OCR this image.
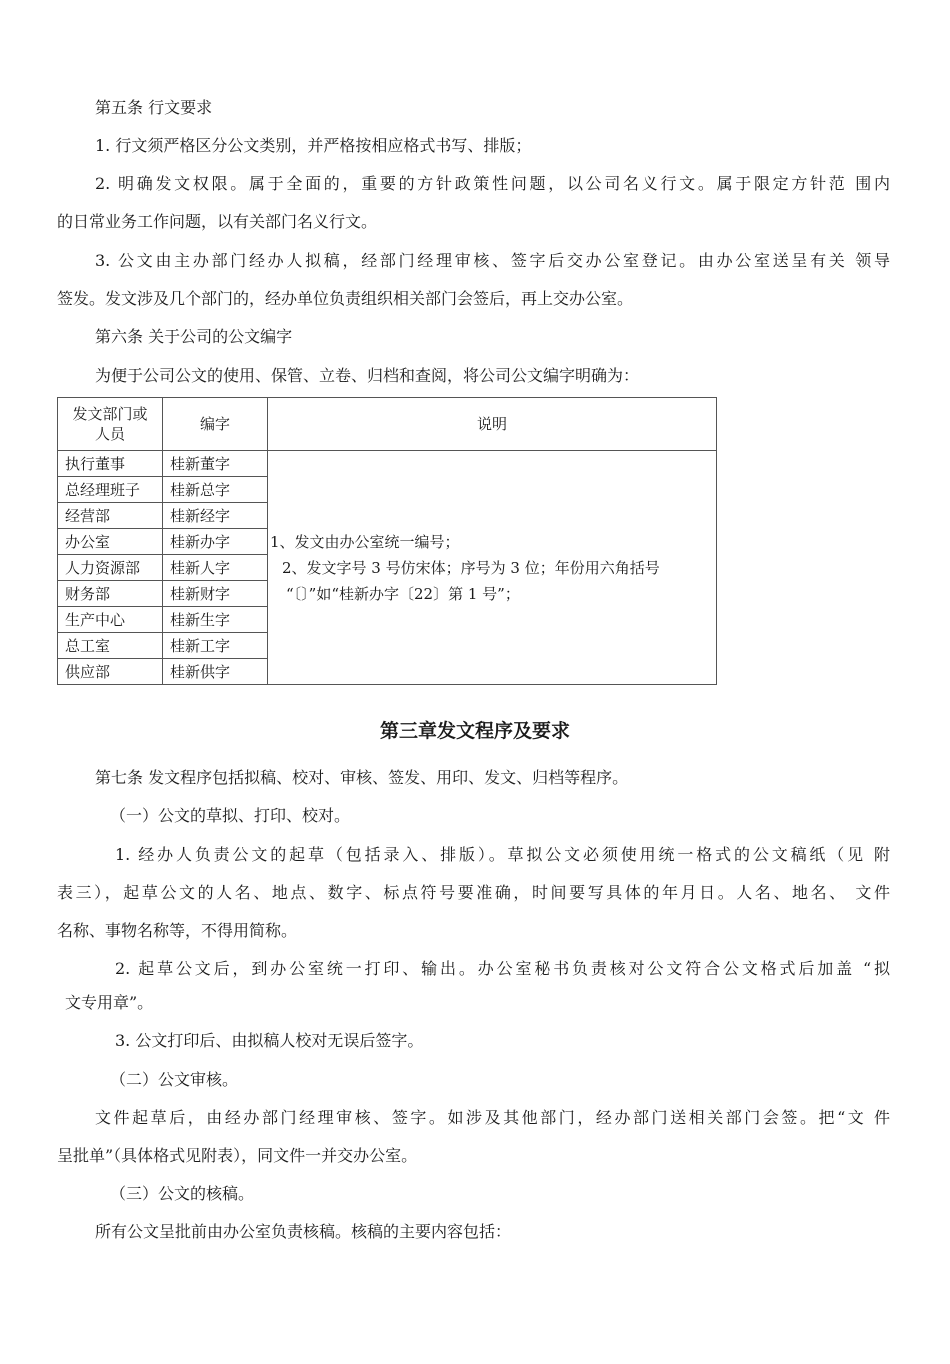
第五条 行文要求
1. 行文须严格区分公文类别，并严格按相应格式书写、排版；
2. 明确发文权限。属于全面的，重要的方针政策性问题，以公司名义行文。属于限定方针范 围内
的日常业务工作问题，以有关部门名义行文。
3. 公文由主办部门经办人拟稿，经部门经理审核、签字后交办公室登记。由办公室送呈有关 领导
签发。发文涉及几个部门的，经办单位负责组织相关部门会签后，再上交办公室。
第六条 关于公司的公文编字
为便于公司公文的使用、保管、立卷、归档和查阅，将公司公文编字明确为：
发文部门或
人员	编字	说明
执行董事	桂新董字	1、发文由办公室统一编号；
2、发文字号 3 号仿宋体；序号为 3 位；年份用六角括号
“〔〕”如“桂新办字〔22〕第 1 号”；

总经理班子	桂新总字	
经营部	桂新经字	
办公室	桂新办字	
人力资源部	桂新人字	
财务部	桂新财字	
生产中心	桂新生字	
总工室	桂新工字	
供应部	桂新供字	
第三章发文程序及要求
第七条 发文程序包括拟稿、校对、审核、签发、用印、发文、归档等程序。
（一）公文的草拟、打印、校对。
1. 经办人负责公文的起草（包括录入、排版）。草拟公文必须使用统一格式的公文稿纸（见 附
表三），起草公文的人名、地点、数字、标点符号要准确，时间要写具体的年月日。人名、地名、 文件
名称、事物名称等，不得用简称。
2. 起草公文后，到办公室统一打印、输出。办公室秘书负责核对公文符合公文格式后加盖 “拟
文专用章”。
3. 公文打印后、由拟稿人校对无误后签字。
（二）公文审核。
文件起草后，由经办部门经理审核、签字。如涉及其他部门，经办部门送相关部门会签。把“文 件
呈批单”（具体格式见附表），同文件一并交办公室。
（三）公文的核稿。
所有公文呈批前由办公室负责核稿。核稿的主要内容包括：
